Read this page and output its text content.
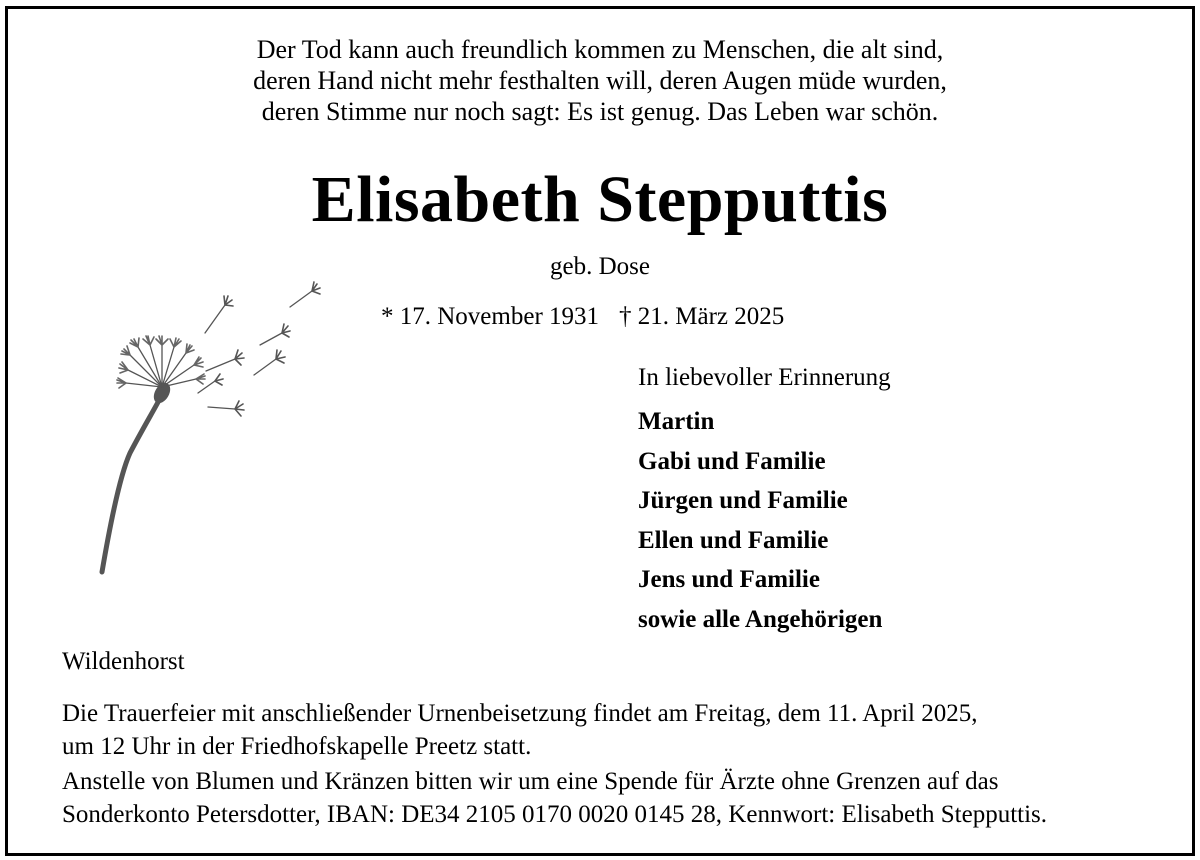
Der Tod kann auch freundlich kommen zu Menschen, die alt sind,
deren Hand nicht mehr festhalten will, deren Augen müde wurden,
deren Stimme nur noch sagt: Es ist genug. Das Leben war schön.
Elisabeth Stepputtis
geb. Dose
* 17. November 1931 † 21. März 2025
In liebevoller Erinnerung
Martin
Gabi und Familie
Jürgen und Familie
Ellen und Familie
Jens und Familie
sowie alle Angehörigen
Wildenhorst
Die Trauerfeier mit anschließender Urnenbeisetzung findet am Freitag, dem 11. April 2025,
um 12 Uhr in der Friedhofskapelle Preetz statt.
Anstelle von Blumen und Kränzen bitten wir um eine Spende für Ärzte ohne Grenzen auf das
Sonderkonto Petersdotter, IBAN: DE34 2105 0170 0020 0145 28, Kennwort: Elisabeth Stepputtis.
